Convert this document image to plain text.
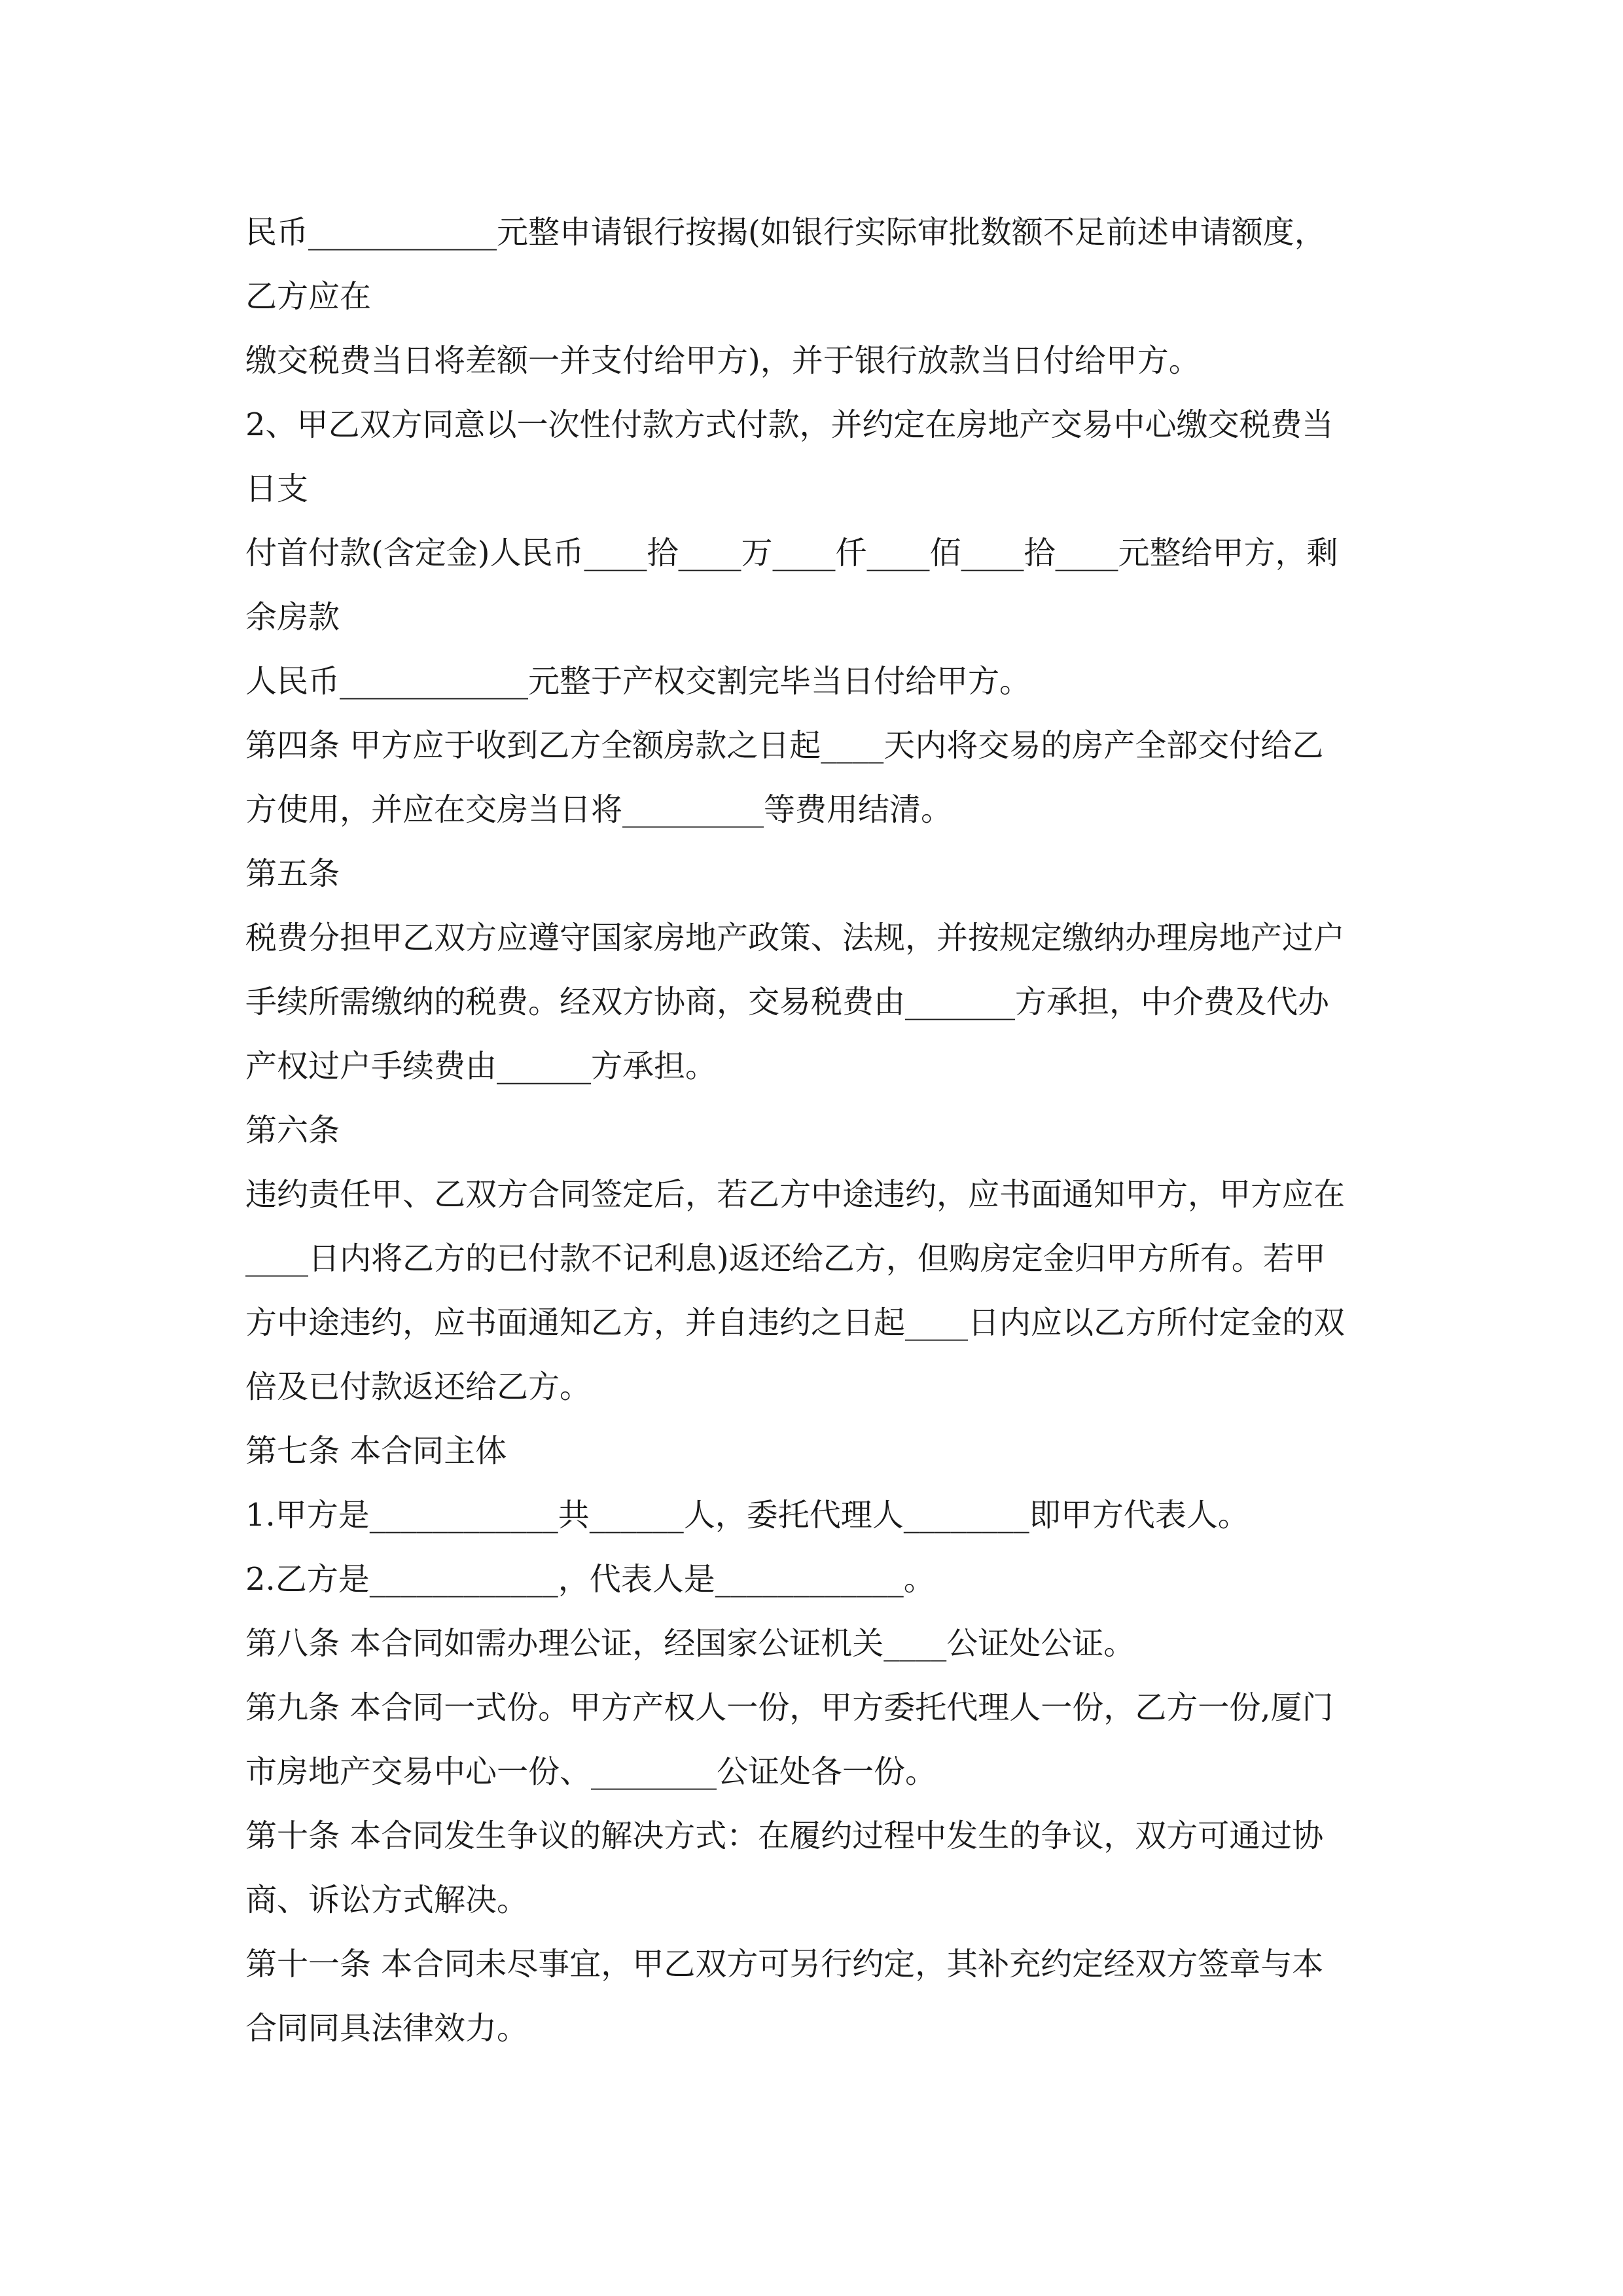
民币____________元整申请银行按揭(如银行实际审批数额不足前述申请额度，
乙方应在
缴交税费当日将差额一并支付给甲方)，并于银行放款当日付给甲方。
2、甲乙双方同意以一次性付款方式付款，并约定在房地产交易中心缴交税费当
日支
付首付款(含定金)人民币____拾____万____仟____佰____拾____元整给甲方，剩
余房款
人民币____________元整于产权交割完毕当日付给甲方。
第四条 甲方应于收到乙方全额房款之日起____天内将交易的房产全部交付给乙
方使用，并应在交房当日将_________等费用结清。
第五条
税费分担甲乙双方应遵守国家房地产政策、法规，并按规定缴纳办理房地产过户
手续所需缴纳的税费。经双方协商，交易税费由_______方承担，中介费及代办
产权过户手续费由______方承担。
第六条
违约责任甲、乙双方合同签定后，若乙方中途违约，应书面通知甲方，甲方应在
____日内将乙方的已付款不记利息)返还给乙方，但购房定金归甲方所有。若甲
方中途违约，应书面通知乙方，并自违约之日起____日内应以乙方所付定金的双
倍及已付款返还给乙方。
第七条 本合同主体
1.甲方是____________共______人，委托代理人________即甲方代表人。
2.乙方是____________，代表人是____________。
第八条 本合同如需办理公证，经国家公证机关____公证处公证。
第九条 本合同一式份。甲方产权人一份，甲方委托代理人一份，乙方一份,厦门
市房地产交易中心一份、________公证处各一份。
第十条 本合同发生争议的解决方式：在履约过程中发生的争议，双方可通过协
商、诉讼方式解决。
第十一条 本合同未尽事宜，甲乙双方可另行约定，其补充约定经双方签章与本
合同同具法律效力。
